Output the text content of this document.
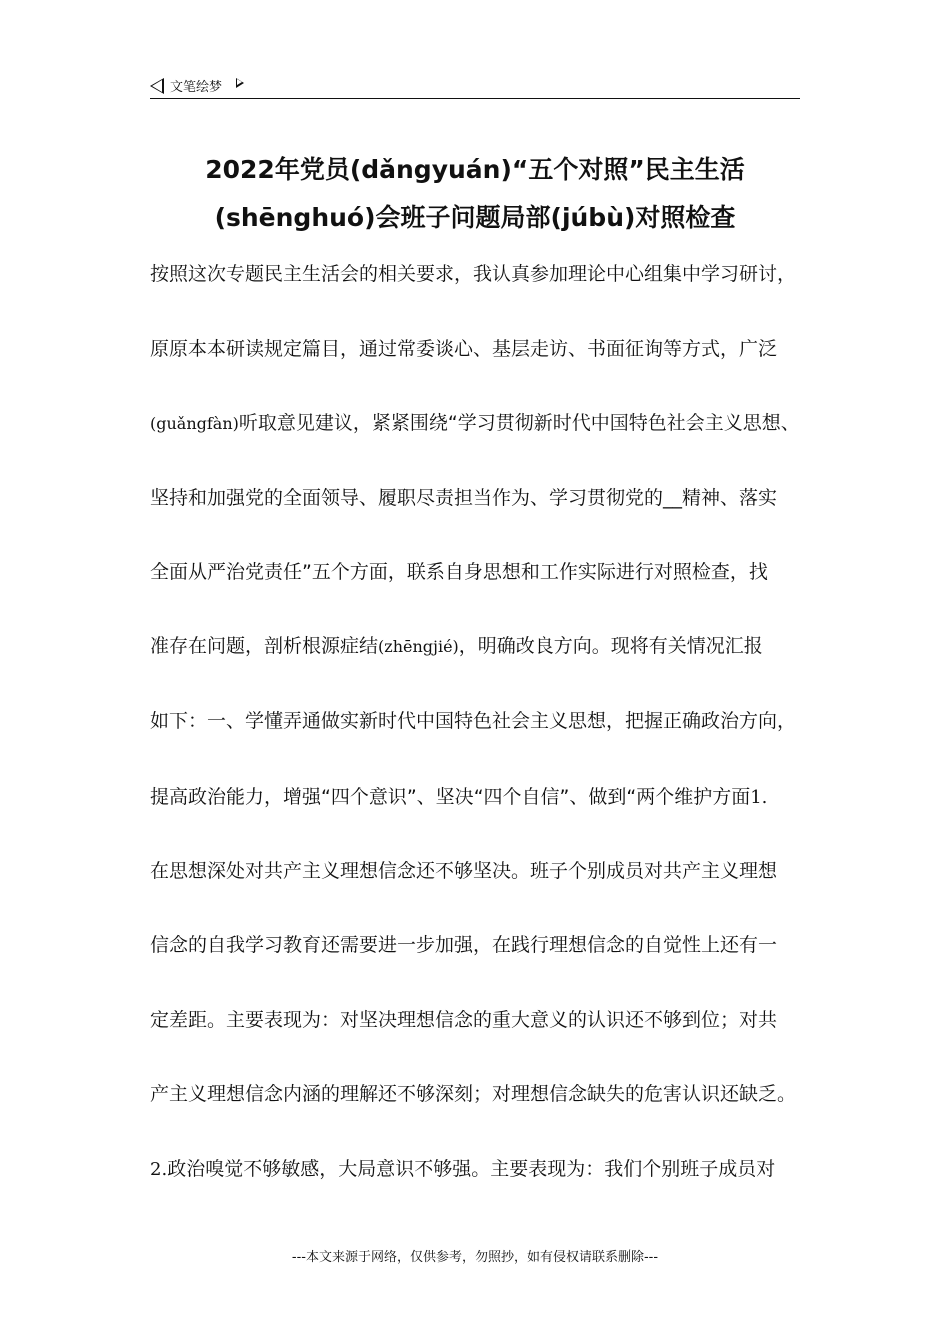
文笔绘梦
2022年党员(dǎngyuán)“五个对照”民主生活
(shēnghuó)会班子问题局部(júbù)对照检查
按照这次专题民主生活会的相关要求，我认真参加理论中心组集中学习研讨，
原原本本研读规定篇目，通过常委谈心、基层走访、书面征询等方式，广泛
(guǎngfàn)听取意见建议，紧紧围绕“学习贯彻新时代中国特色社会主义思想、
坚持和加强党的全面领导、履职尽责担当作为、学习贯彻党的__精神、落实
全面从严治党责任”五个方面，联系自身思想和工作实际进行对照检查，找
准存在问题，剖析根源症结(zhēngjié)，明确改良方向。现将有关情况汇报
如下：一、学懂弄通做实新时代中国特色社会主义思想，把握正确政治方向，
提高政治能力，增强“四个意识”、坚决“四个自信”、做到“两个维护方面1.
在思想深处对共产主义理想信念还不够坚决。班子个别成员对共产主义理想
信念的自我学习教育还需要进一步加强，在践行理想信念的自觉性上还有一
定差距。主要表现为：对坚决理想信念的重大意义的认识还不够到位；对共
产主义理想信念内涵的理解还不够深刻；对理想信念缺失的危害认识还缺乏。
2.政治嗅觉不够敏感，大局意识不够强。主要表现为：我们个别班子成员对
---本文来源于网络，仅供参考，勿照抄，如有侵权请联系删除---
